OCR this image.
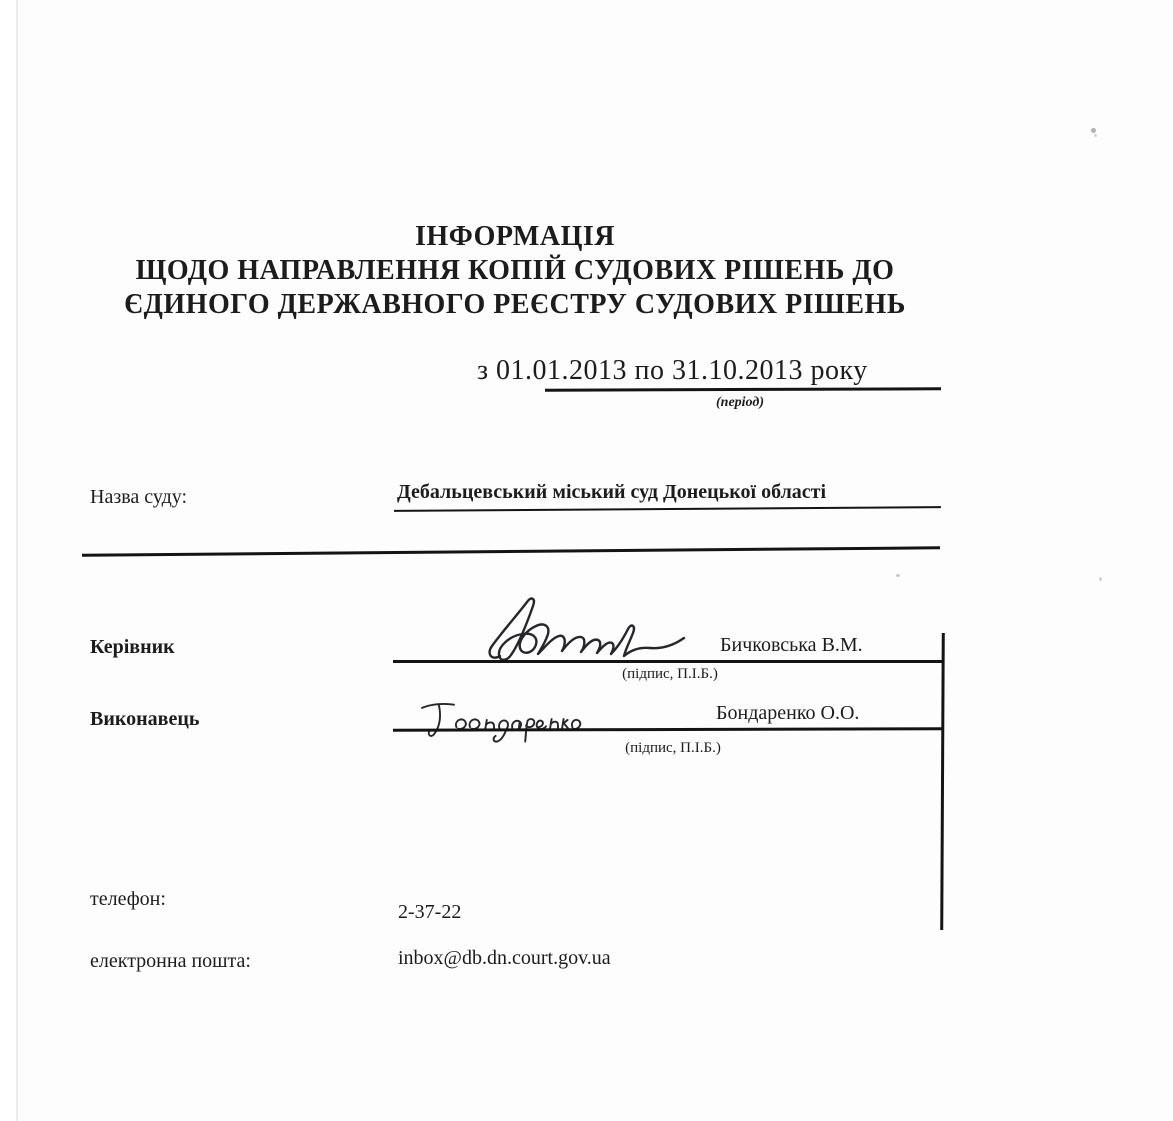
ІНФОРМАЦІЯ
ЩОДО НАПРАВЛЕННЯ КОПІЙ СУДОВИХ РІШЕНЬ ДО
ЄДИНОГО ДЕРЖАВНОГО РЕЄСТРУ СУДОВИХ РІШЕНЬ
з 01.01.2013 по 31.10.2013 року
(період)
Назва суду:	Дебальцевський міський суд Донецької області
Керівник	Бичковська В.М.
(підпис, П.І.Б.)
Виконавець	Бондаренко О.О.
(підпис, П.І.Б.)
телефон:
2-37-22
електронна пошта:	inbox@db.dn.court.gov.ua
